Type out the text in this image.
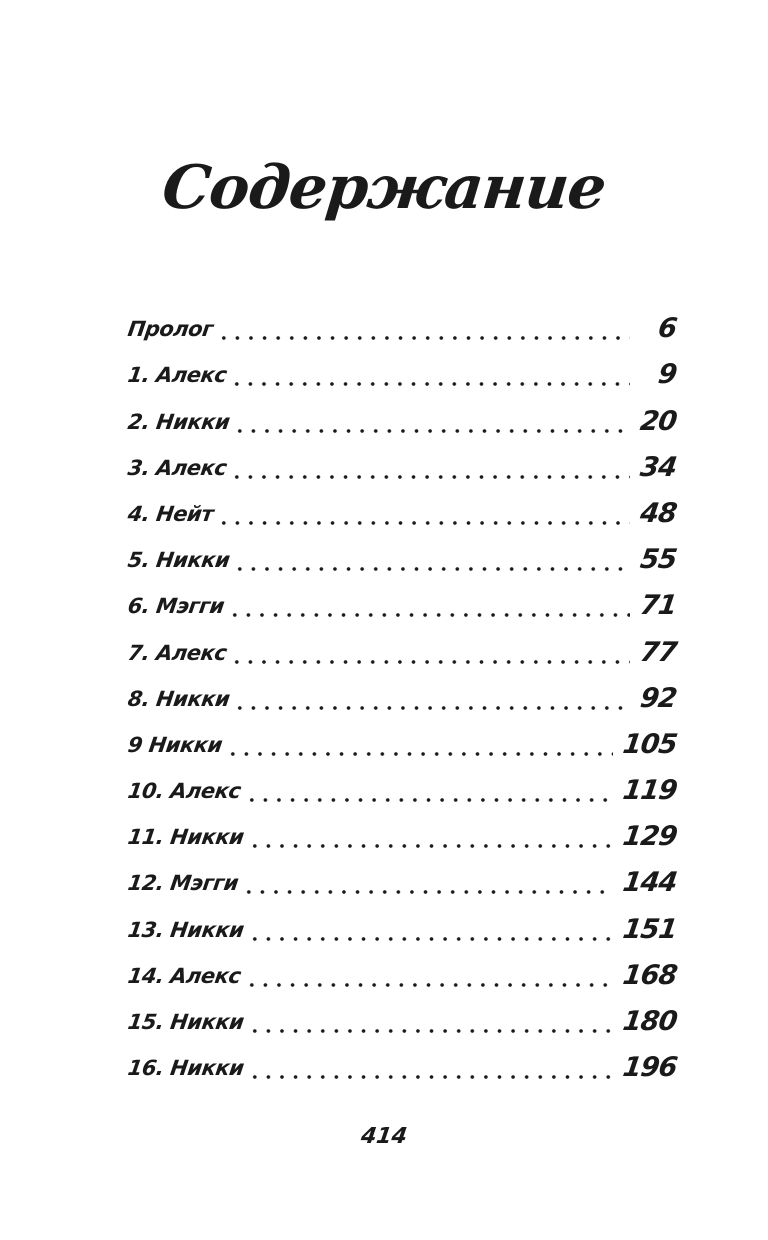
Содержание
Пролог	6
1. Алекс	9
2. Никки	20
3. Алекс	34
4. Нейт	48
5. Никки	55
6. Мэгги	71
7. Алекс	77
8. Никки	92
9 Никки	105
10. Алекс	119
11. Никки	129
12. Мэгги	144
13. Никки	151
14. Алекс	168
15. Никки	180
16. Никки	196
414
